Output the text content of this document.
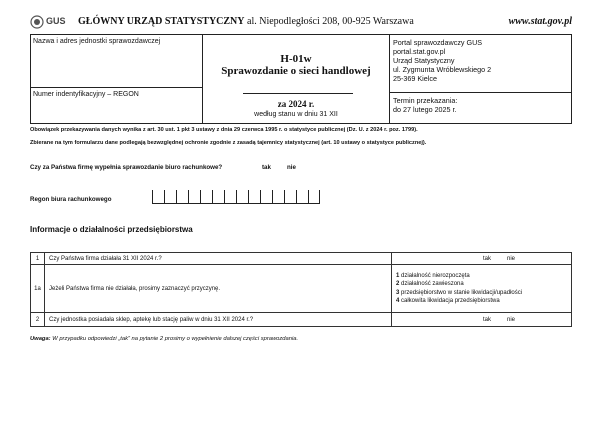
GUS GŁÓWNY URZĄD STATYSTYCZNY al. Niepodległości 208, 00-925 Warszawa	www.stat.gov.pl
Nazwa i adres jednostki sprawozdawczej
Numer indentyfikacyjny – REGON
H-01w
Sprawozdanie o sieci handlowej
za 2024 r.
według stanu w dniu 31 XII
Portal sprawozdawczy GUS
portal.stat.gov.pl
Urząd Statystyczny
ul. Zygmunta Wróblewskiego 2
25-369 Kielce
Termin przekazania:
do 27 lutego 2025 r.
Obowiązek przekazywania danych wynika z art. 30 ust. 1 pkt 3 ustawy z dnia 29 czerwca 1995 r. o statystyce publicznej (Dz. U. z 2024 r. poz. 1799).
Zbierane na tym formularzu dane podlegają bezwzględnej ochronie zgodnie z zasadą tajemnicy statystycznej (art. 10 ustawy o statystyce publicznej).
Czy za Państwa firmę wypełnia sprawozdanie biuro rachunkowe?	tak	nie
Regon biura rachunkowego
Informacje o działalności przedsiębiorstwa
1	Czy Państwa firma działała 31 XII 2024 r.?	tak nie

1a	Jeżeli Państwa firma nie działała, prosimy zaznaczyć przyczynę.	1 działalność nierozpoczęta
2 działalność zawieszona
3 przedsiębiorstwo w stanie likwidacji/upadłości
4 całkowita likwidacja przedsiębiorstwa

2	Czy jednostka posiadała sklep, aptekę lub stację paliw w dniu 31 XII 2024 r.?	tak nie
Uwaga: W przypadku odpowiedzi „tak” na pytanie 2 prosimy o wypełnienie dalszej części sprawozdania.
